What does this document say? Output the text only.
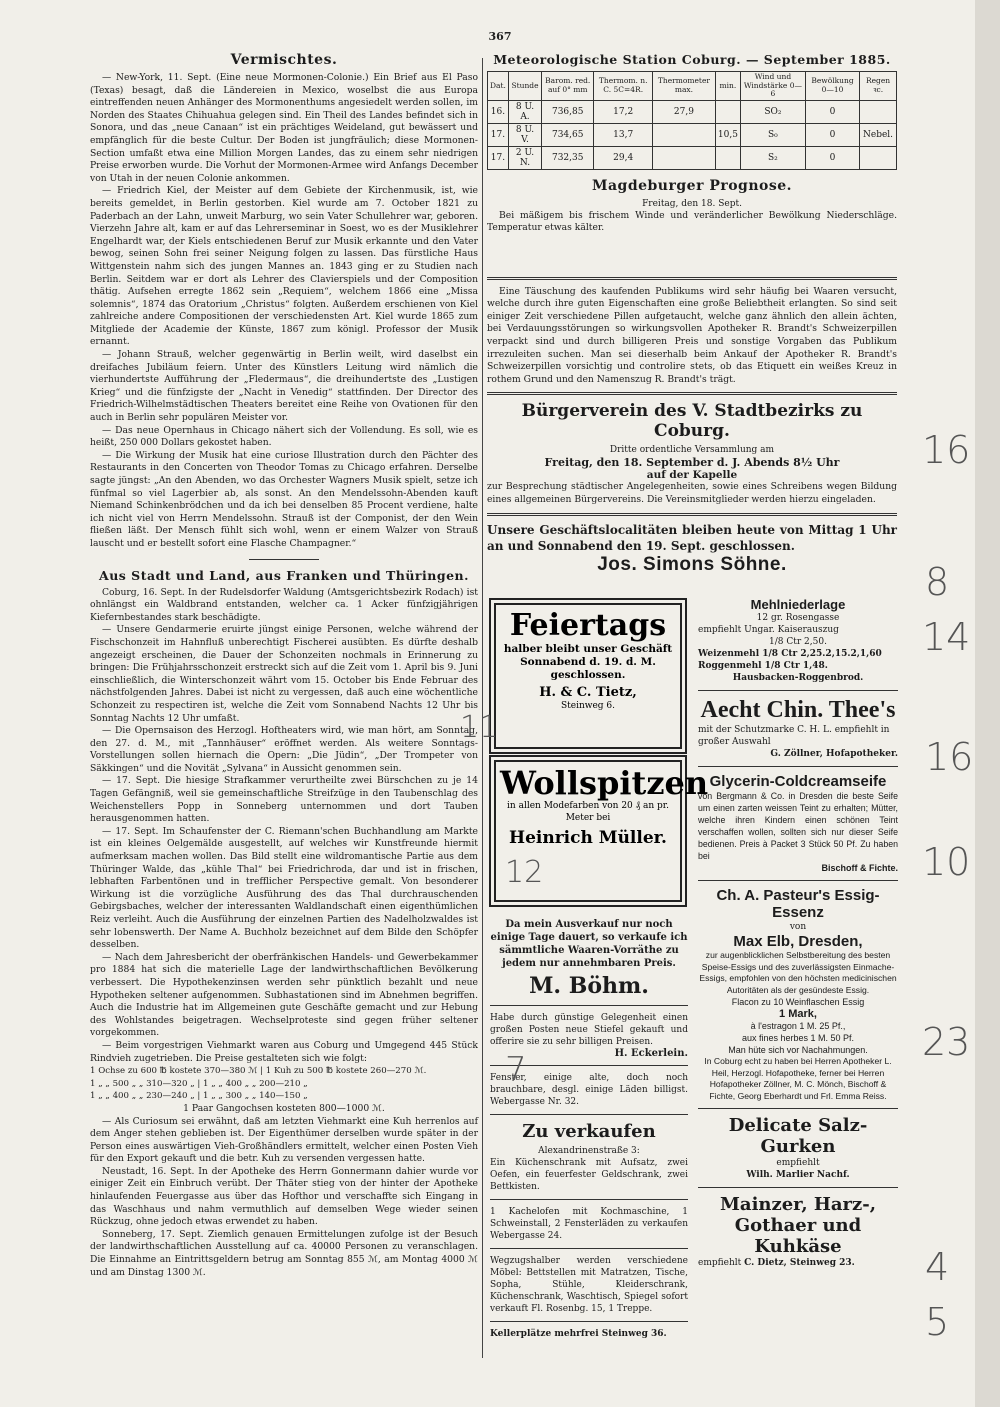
367
Vermischtes.

— New-York, 11. Sept. (Eine neue Mormonen-Colonie.) Ein Brief aus El Paso (Texas) besagt, daß die Ländereien in Mexico, woselbst die aus Europa eintreffenden neuen Anhänger des Mormonenthums angesiedelt werden sollen, im Norden des Staates Chihuahua gelegen sind. Ein Theil des Landes befindet sich in Sonora, und das „neue Canaan“ ist ein prächtiges Weideland, gut bewässert und empfänglich für die beste Cultur. Der Boden ist jungfräulich; diese Mormonen-Section umfaßt etwa eine Million Morgen Landes, das zu einem sehr niedrigen Preise erworben wurde. Die Vorhut der Mormonen-Armee wird Anfangs December von Utah in der neuen Colonie ankommen.

— Friedrich Kiel, der Meister auf dem Gebiete der Kirchenmusik, ist, wie bereits gemeldet, in Berlin gestorben. Kiel wurde am 7. October 1821 zu Paderbach an der Lahn, unweit Marburg, wo sein Vater Schullehrer war, geboren. Vierzehn Jahre alt, kam er auf das Lehrerseminar in Soest, wo es der Musiklehrer Engelhardt war, der Kiels entschiedenen Beruf zur Musik erkannte und den Vater bewog, seinen Sohn frei seiner Neigung folgen zu lassen. Das fürstliche Haus Wittgenstein nahm sich des jungen Mannes an. 1843 ging er zu Studien nach Berlin. Seitdem war er dort als Lehrer des Clavierspiels und der Composition thätig. Aufsehen erregte 1862 sein „Requiem“, welchem 1866 eine „Missa solemnis“, 1874 das Oratorium „Christus“ folgten. Außerdem erschienen von Kiel zahlreiche andere Compositionen der verschiedensten Art. Kiel wurde 1865 zum Mitgliede der Academie der Künste, 1867 zum königl. Professor der Musik ernannt.

— Johann Strauß, welcher gegenwärtig in Berlin weilt, wird daselbst ein dreifaches Jubiläum feiern. Unter des Künstlers Leitung wird nämlich die vierhundertste Aufführung der „Fledermaus“, die dreihundertste des „Lustigen Krieg“ und die fünfzigste der „Nacht in Venedig“ stattfinden. Der Director des Friedrich-Wilhelmstädtischen Theaters bereitet eine Reihe von Ovationen für den auch in Berlin sehr populären Meister vor.

— Das neue Opernhaus in Chicago nähert sich der Vollendung. Es soll, wie es heißt, 250 000 Dollars gekostet haben.

— Die Wirkung der Musik hat eine curiose Illustration durch den Pächter des Restaurants in den Concerten von Theodor Tomas zu Chicago erfahren. Derselbe sagte jüngst: „An den Abenden, wo das Orchester Wagners Musik spielt, setze ich fünfmal so viel Lagerbier ab, als sonst. An den Mendelssohn-Abenden kauft Niemand Schinkenbrödchen und da ich bei denselben 85 Procent verdiene, halte ich nicht viel von Herrn Mendelssohn. Strauß ist der Componist, der den Wein fließen läßt. Der Mensch fühlt sich wohl, wenn er einem Walzer von Strauß lauscht und er bestellt sofort eine Flasche Champagner.“

Aus Stadt und Land, aus Franken und Thüringen.

Coburg, 16. Sept. In der Rudelsdorfer Waldung (Amtsgerichtsbezirk Rodach) ist ohnlängst ein Waldbrand entstanden, welcher ca. 1 Acker fünfzigjährigen Kiefernbestandes stark beschädigte.

— Unsere Gendarmerie eruirte jüngst einige Personen, welche während der Fischschonzeit im Hahnfluß unberechtigt Fischerei ausübten. Es dürfte deshalb angezeigt erscheinen, die Dauer der Schonzeiten nochmals in Erinnerung zu bringen: Die Frühjahrsschonzeit erstreckt sich auf die Zeit vom 1. April bis 9. Juni einschließlich, die Winterschonzeit währt vom 15. October bis Ende Februar des nächstfolgenden Jahres. Dabei ist nicht zu vergessen, daß auch eine wöchentliche Schonzeit zu respectiren ist, welche die Zeit vom Sonnabend Nachts 12 Uhr bis Sonntag Nachts 12 Uhr umfaßt.

— Die Opernsaison des Herzogl. Hoftheaters wird, wie man hört, am Sonntag, den 27. d. M., mit „Tannhäuser“ eröffnet werden. Als weitere Sonntags-Vorstellungen sollen hiernach die Opern: „Die Jüdin“, „Der Trompeter von Säkkingen“ und die Novität „Sylvana“ in Aussicht genommen sein.

— 17. Sept. Die hiesige Strafkammer verurtheilte zwei Bürschchen zu je 14 Tagen Gefängniß, weil sie gemeinschaftliche Streifzüge in den Taubenschlag des Weichenstellers Popp in Sonneberg unternommen und dort Tauben herausgenommen hatten.

— 17. Sept. Im Schaufenster der C. Riemann'schen Buchhandlung am Markte ist ein kleines Oelgemälde ausgestellt, auf welches wir Kunstfreunde hiermit aufmerksam machen wollen. Das Bild stellt eine wildromantische Partie aus dem Thüringer Walde, das „kühle Thal“ bei Friedrichroda, dar und ist in frischen, lebhaften Farbentönen und in trefflicher Perspective gemalt. Von besonderer Wirkung ist die vorzügliche Ausführung des das Thal durchrauschenden Gebirgsbaches, welcher der interessanten Waldlandschaft einen eigenthümlichen Reiz verleiht. Auch die Ausführung der einzelnen Partien des Nadelholzwaldes ist sehr lobenswerth. Der Name A. Buchholz bezeichnet auf dem Bilde den Schöpfer desselben.

— Nach dem Jahresbericht der oberfränkischen Handels- und Gewerbekammer pro 1884 hat sich die materielle Lage der landwirthschaftlichen Bevölkerung verbessert. Die Hypothekenzinsen werden sehr pünktlich bezahlt und neue Hypotheken seltener aufgenommen. Subhastationen sind im Abnehmen begriffen. Auch die Industrie hat im Allgemeinen gute Geschäfte gemacht und zur Hebung des Wohlstandes beigetragen. Wechselproteste sind gegen früher seltener vorgekommen.

— Beim vorgestrigen Viehmarkt waren aus Coburg und Umgegend 445 Stück Rindvieh zugetrieben. Die Preise gestalteten sich wie folgt:

1 Ochse zu 600 ℔ kostete 370—380 ℳ | 1 Kuh zu 500 ℔ kostete 260—270 ℳ.

1 „ „ 500 „ „ 310—320 „ | 1 „ „ 400 „ „ 200—210 „

1 „ „ 400 „ „ 230—240 „ | 1 „ „ 300 „ „ 140—150 „

1 Paar Gangochsen kosteten 800—1000 ℳ.

— Als Curiosum sei erwähnt, daß am letzten Viehmarkt eine Kuh herrenlos auf dem Anger stehen geblieben ist. Der Eigenthümer derselben wurde später in der Person eines auswärtigen Vieh-Großhändlers ermittelt, welcher einen Posten Vieh für den Export gekauft und die betr. Kuh zu versenden vergessen hatte.

Neustadt, 16. Sept. In der Apotheke des Herrn Gonnermann dahier wurde vor einiger Zeit ein Einbruch verübt. Der Thäter stieg von der hinter der Apotheke hinlaufenden Feuergasse aus über das Hofthor und verschaffte sich Eingang in das Waschhaus und nahm vermuthlich auf demselben Wege wieder seinen Rückzug, ohne jedoch etwas erwendet zu haben.

Sonneberg, 17. Sept. Ziemlich genauen Ermittelungen zufolge ist der Besuch der landwirthschaftlichen Ausstellung auf ca. 40000 Personen zu veranschlagen. Die Einnahme an Eintrittsgeldern betrug am Sonntag 855 ℳ, am Montag 4000 ℳ und am Dinstag 1300 ℳ.

Meteorologische Station Coburg. — September 1885.
Dat.	Stunde	Barom. red. auf 0° mm	Thermom. n. C. 5C=4R.	Thermometer max.	min.	Wind und Windstärke 0—6	Bewölkung 0—10	Regen ꝛc.
16.	8 U. A.	736,85	17,2	27,9		SO₂	0	
17.	8 U. V.	734,65	13,7		10,5	S₀	0	Nebel.
17.	2 U. N.	732,35	29,4			S₂	0	
Magdeburger Prognose.
Freitag, den 18. Sept.

Bei mäßigem bis frischem Winde und veränderlicher Bewölkung Niederschläge. Temperatur etwas kälter.

Eine Täuschung des kaufenden Publikums wird sehr häufig bei Waaren versucht, welche durch ihre guten Eigenschaften eine große Beliebtheit erlangten. So sind seit einiger Zeit verschiedene Pillen aufgetaucht, welche ganz ähnlich den allein ächten, bei Verdauungsstörungen so wirkungsvollen Apotheker R. Brandt's Schweizerpillen verpackt sind und durch billigeren Preis und sonstige Vorgaben das Publikum irrezuleiten suchen. Man sei dieserhalb beim Ankauf der Apotheker R. Brandt's Schweizerpillen vorsichtig und controlire stets, ob das Etiquett ein weißes Kreuz in rothem Grund und den Namenszug R. Brandt's trägt.

Bürgerverein des V. Stadtbezirks zu Coburg.
Dritte ordentliche Versammlung am
Freitag, den 18. September d. J. Abends 8½ Uhr
auf der Kapelle

zur Besprechung städtischer Angelegenheiten, sowie eines Schreibens wegen Bildung eines allgemeinen Bürgervereins. Die Vereinsmitglieder werden hierzu eingeladen.

Unsere Geschäftslocalitäten bleiben heute von Mittag 1 Uhr an und Sonnabend den 19. Sept. geschlossen.

Jos. Simons Söhne.
Feiertags
halber bleibt unser Geschäft Sonnabend d. 19. d. M. geschlossen.
H. & C. Tietz,
Steinweg 6.
Wollspitzen
in allen Modefarben von 20 ₰ an pr. Meter bei
Heinrich Müller.

Da mein Ausverkauf nur noch einige Tage dauert, so verkaufe ich sämmtliche Waaren-Vorräthe zu jedem nur annehmbaren Preis.

M. Böhm.

Habe durch günstige Gelegenheit einen großen Posten neue Stiefel gekauft und offerire sie zu sehr billigen Preisen.

H. Eckerlein.

Fenster, einige alte, doch noch brauchbare, desgl. einige Läden billigst. Webergasse Nr. 32.

Zu verkaufen
Alexandrinenstraße 3:

Ein Küchenschrank mit Aufsatz, zwei Oefen, ein feuerfester Geldschrank, zwei Bettkisten.

1 Kachelofen mit Kochmaschine, 1 Schweinstall, 2 Fensterläden zu verkaufen Webergasse 24.

Wegzugshalber werden verschiedene Möbel: Bettstellen mit Matratzen, Tische, Sopha, Stühle, Kleiderschrank, Küchenschrank, Waschtisch, Spiegel sofort verkauft Fl. Rosenbg. 15, 1 Treppe.

Kellerplätze mehrfrei Steinweg 36.

Mehlniederlage
12 gr. Rosengasse
empfiehlt Ungar. Kaiserauszug
1/8 Ctr 2,50.
Weizenmehl 1/8 Ctr 2,25.2,15.2,1,60
Roggenmehl 1/8 Ctr 1,48.
Hausbacken-Roggenbrod.
Aecht Chin. Thee's
mit der Schutzmarke C. H. L. empfiehlt in großer Auswahl
G. Zöllner, Hofapotheker.
Glycerin-Coldcreamseife

von Bergmann & Co. in Dresden die beste Seife um einen zarten weissen Teint zu erhalten; Mütter, welche ihren Kindern einen schönen Teint verschaffen wollen, sollten sich nur dieser Seife bedienen. Preis à Packet 3 Stück 50 Pf. Zu haben bei

Bischoff & Fichte.
Ch. A. Pasteur's Essig-Essenz
von
Max Elb, Dresden,

zur augenblicklichen Selbstbereitung des besten Speise-Essigs und des zuverlässigsten Einmache-Essigs, empfohlen von den höchsten medicinischen Autoritäten als der gesündeste Essig.

Flacon zu 10 Weinflaschen Essig
1 Mark,
à l'estragon 1 M. 25 Pf.,
aux fines herbes 1 M. 50 Pf.
Man hüte sich vor Nachahmungen.

In Coburg echt zu haben bei Herren Apotheker L. Heil, Herzogl. Hofapotheke, ferner bei Herren Hofapotheker Zöllner, M. C. Mönch, Bischoff & Fichte, Georg Eberhardt und Frl. Emma Reiss.

Delicate Salz-Gurken
empfiehlt
Wilh. Marlier Nachf.
Mainzer, Harz-, Gothaer und Kuhkäse
empfiehlt C. Dietz, Steinweg 23.
16
8
14
16
10
23
4
5
11
12
7
